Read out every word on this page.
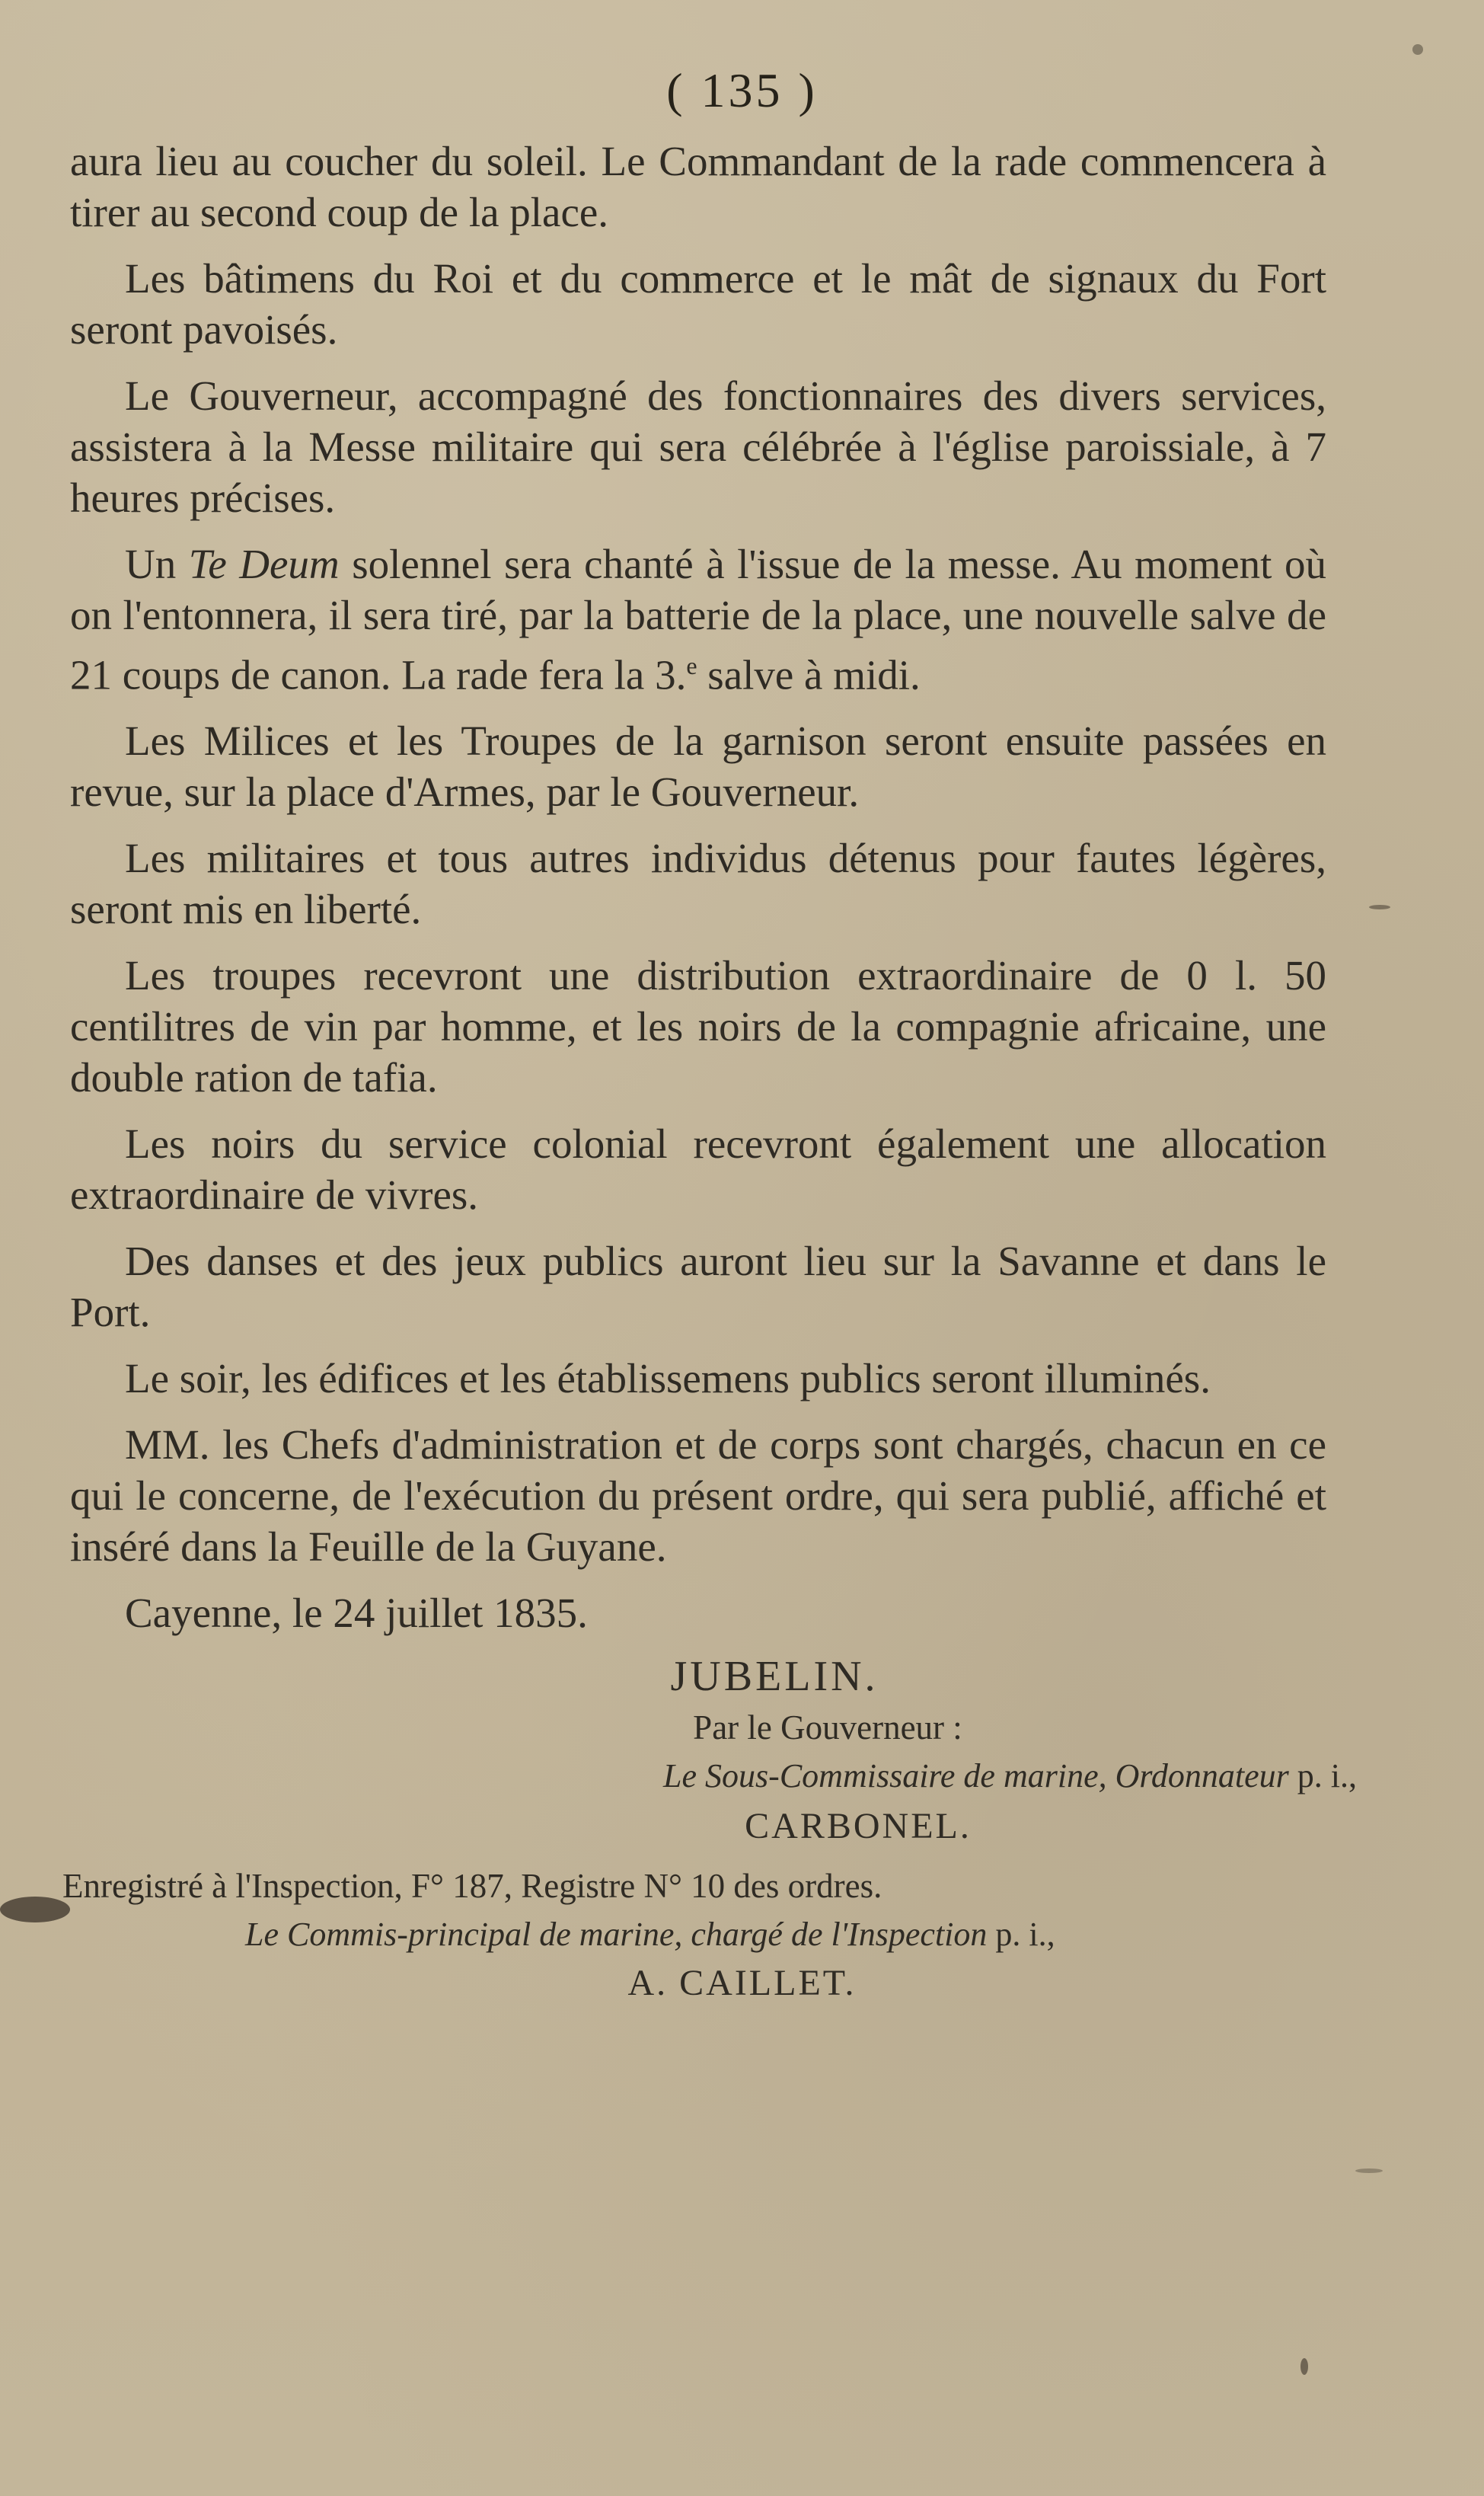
( 135 )

aura lieu au coucher du soleil. Le Commandant de la rade commencera à tirer au second coup de la place.

Les bâtimens du Roi et du commerce et le mât de signaux du Fort seront pavoisés.

Le Gouverneur, accompagné des fonctionnaires des divers services, assistera à la Messe militaire qui sera célébrée à l'église paroissiale, à 7 heures précises.

Un Te Deum solennel sera chanté à l'issue de la messe. Au moment où on l'entonnera, il sera tiré, par la batterie de la place, une nouvelle salve de 21 coups de canon. La rade fera la 3.$^e$ salve à midi.

Les Milices et les Troupes de la garnison seront ensuite passées en revue, sur la place d'Armes, par le Gouverneur.

Les militaires et tous autres individus détenus pour fautes légères, seront mis en liberté.

Les troupes recevront une distribution extraordinaire de 0 l. 50 centilitres de vin par homme, et les noirs de la compagnie africaine, une double ration de tafia.

Les noirs du service colonial recevront également une allocation extraordinaire de vivres.

Des danses et des jeux publics auront lieu sur la Savanne et dans le Port.

Le soir, les édifices et les établissemens publics seront illuminés.

MM. les Chefs d'administration et de corps sont chargés, chacun en ce qui le concerne, de l'exécution du présent ordre, qui sera publié, affiché et inséré dans la Feuille de la Guyane.

Cayenne, le 24 juillet 1835.

JUBELIN.
Par le Gouverneur :
Le Sous-Commissaire de marine, Ordonnateur p. i.,
CARBONEL.
Enregistré à l'Inspection, F° 187, Registre N° 10 des ordres.
Le Commis-principal de marine, chargé de l'Inspection p. i.,
A. CAILLET.
